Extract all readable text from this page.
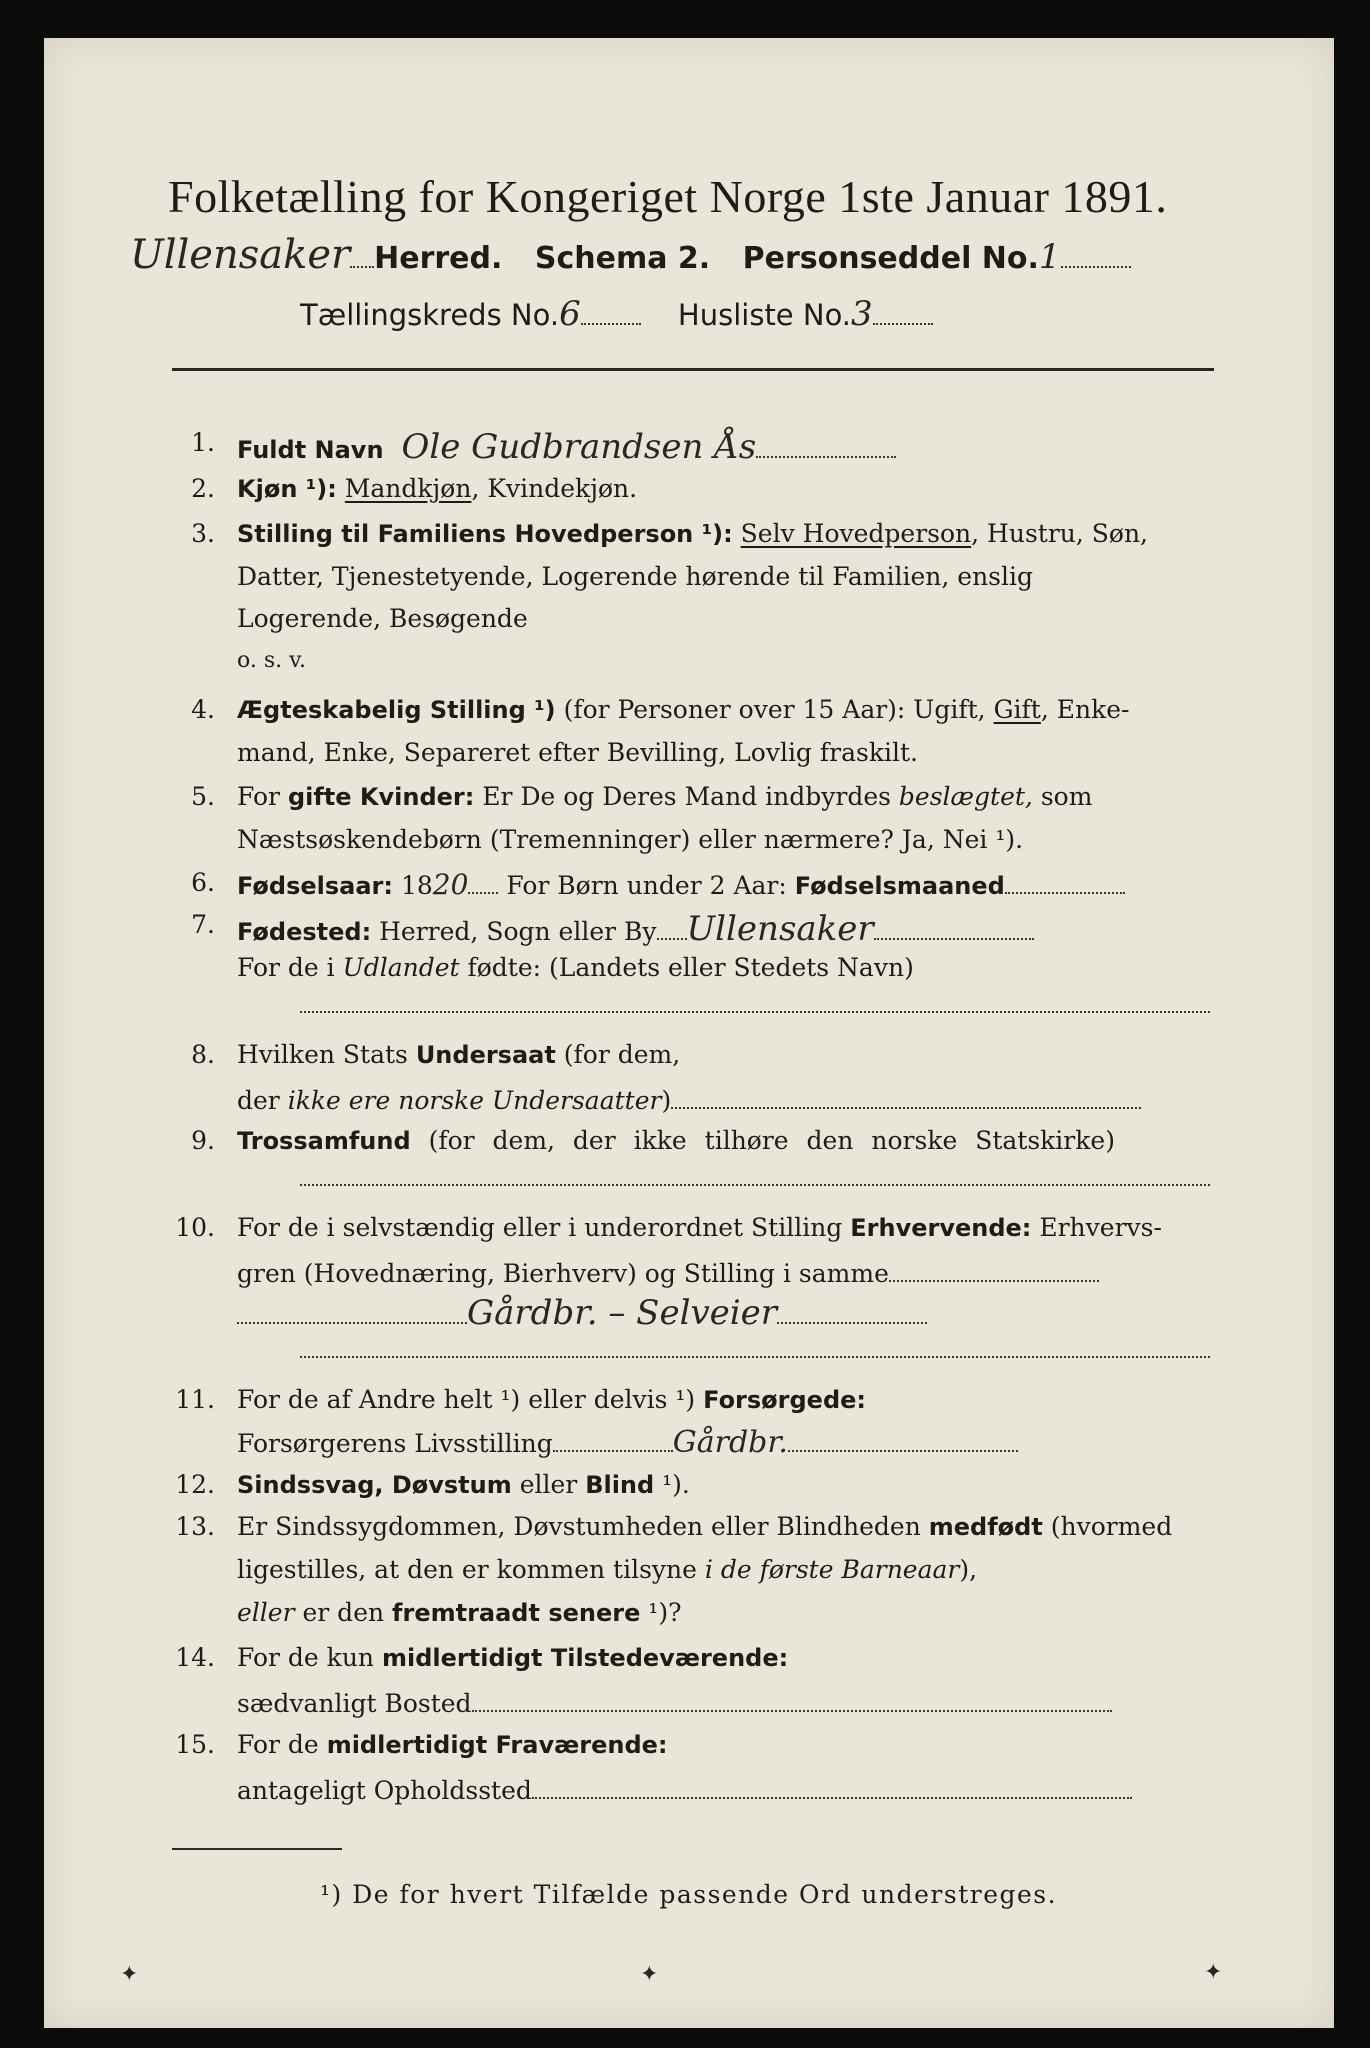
Folketælling for Kongeriget Norge 1ste Januar 1891.
Ullensaker Herred. Schema 2. Personseddel No.1
Tællingskreds No.6	Husliste No.3
1. Fuldt Navn Ole Gudbrandsen Ås
2. Kjøn ¹): Mandkjøn, Kvindekjøn.
3. Stilling til Familiens Hovedperson ¹): Selv Hovedperson, Hustru, Søn,
Datter, Tjenestetyende, Logerende hørende til Familien, enslig
Logerende, Besøgende
o. s. v.
4. Ægteskabelig Stilling ¹) (for Personer over 15 Aar): Ugift, Gift, Enke-
mand, Enke, Separeret efter Bevilling, Lovlig fraskilt.
5. For gifte Kvinder: Er De og Deres Mand indbyrdes beslægtet, som
Næstsøskendebørn (Tremenninger) eller nærmere? Ja, Nei ¹).
6. Fødselsaar: 1820 For Børn under 2 Aar: Fødselsmaaned
7. Fødested: Herred, Sogn eller By Ullensaker
For de i Udlandet fødte: (Landets eller Stedets Navn)
8. Hvilken Stats Undersaat (for dem,
der ikke ere norske Undersaatter)
9. Trossamfund (for dem, der ikke tilhøre den norske Statskirke)
10. For de i selvstændig eller i underordnet Stilling Erhvervende: Erhvervs-
gren (Hovednæring, Bierhverv) og Stilling i samme
Gårdbr. – Selveier
11. For de af Andre helt ¹) eller delvis ¹) Forsørgede:
Forsørgerens Livsstilling	Gårdbr.
12. Sindssvag, Døvstum eller Blind ¹).
13. Er Sindssygdommen, Døvstumheden eller Blindheden medfødt (hvormed
ligestilles, at den er kommen tilsyne i de første Barneaar),
eller er den fremtraadt senere ¹)?
14. For de kun midlertidigt Tilstedeværende:
sædvanligt Bosted
15. For de midlertidigt Fraværende:
antageligt Opholdssted
¹) De for hvert Tilfælde passende Ord understreges.
✦	✦	✦
